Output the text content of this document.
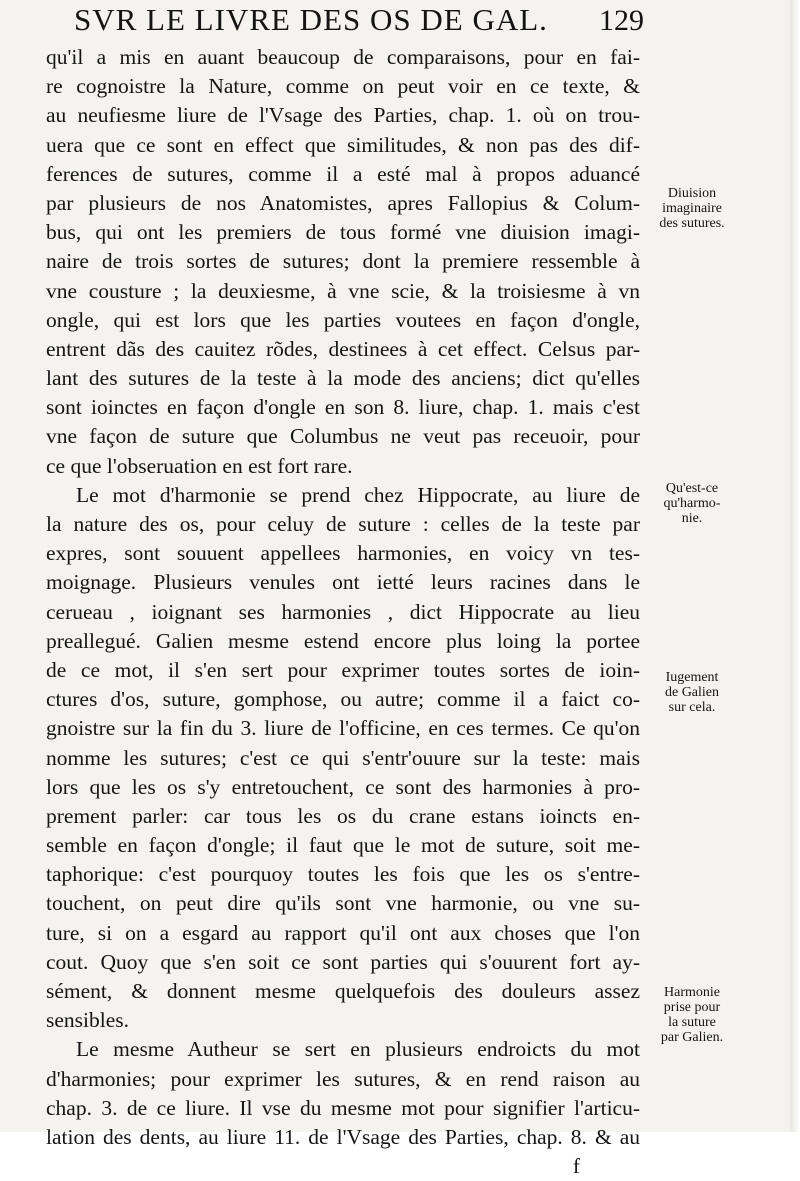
SVR LE LIVRE DES OS DE GAL. 129
qu'il a mis en auant beaucoup de comparaisons, pour en fai-
re cognoistre la Nature, comme on peut voir en ce texte, &
au neufiesme liure de l'Vsage des Parties, chap. 1. où on trou-
uera que ce sont en effect que similitudes, & non pas des dif-
ferences de sutures, comme il a esté mal à propos aduancé
par plusieurs de nos Anatomistes, apres Fallopius & Colum-
bus, qui ont les premiers de tous formé vne diuision imagi-
naire de trois sortes de sutures; dont la premiere ressemble à
vne cousture ; la deuxiesme, à vne scie, & la troisiesme à vn
ongle, qui est lors que les parties voutees en façon d'ongle,
entrent dãs des cauitez rõdes, destinees à cet effect. Celsus par-
lant des sutures de la teste à la mode des anciens; dict qu'elles
sont ioinctes en façon d'ongle en son 8. liure, chap. 1. mais c'est
vne façon de suture que Columbus ne veut pas receuoir, pour
ce que l'obseruation en est fort rare.
Le mot d'harmonie se prend chez Hippocrate, au liure de
la nature des os, pour celuy de suture : celles de la teste par
expres, sont souuent appellees harmonies, en voicy vn tes-
moignage. Plusieurs venules ont ietté leurs racines dans le
cerueau , ioignant ses harmonies , dict Hippocrate au lieu
preallegué. Galien mesme estend encore plus loing la portee
de ce mot, il s'en sert pour exprimer toutes sortes de ioin-
ctures d'os, suture, gomphose, ou autre; comme il a faict co-
gnoistre sur la fin du 3. liure de l'officine, en ces termes. Ce qu'on
nomme les sutures; c'est ce qui s'entr'ouure sur la teste: mais
lors que les os s'y entretouchent, ce sont des harmonies à pro-
prement parler: car tous les os du crane estans ioincts en-
semble en façon d'ongle; il faut que le mot de suture, soit me-
taphorique: c'est pourquoy toutes les fois que les os s'entre-
touchent, on peut dire qu'ils sont vne harmonie, ou vne su-
ture, si on a esgard au rapport qu'il ont aux choses que l'on
cout. Quoy que s'en soit ce sont parties qui s'ouurent fort ay-
sément, & donnent mesme quelquefois des douleurs assez
sensibles.
Le mesme Autheur se sert en plusieurs endroicts du mot
d'harmonies; pour exprimer les sutures, & en rend raison au
chap. 3. de ce liure. Il vse du mesme mot pour signifier l'articu-
lation des dents, au liure 11. de l'Vsage des Parties, chap. 8. & au
f
Diuision
imaginaire
des sutures.
Qu'est-ce
qu'harmo-
nie.
Iugement
de Galien
sur cela.
Harmonie
prise pour
la suture
par Galien.
